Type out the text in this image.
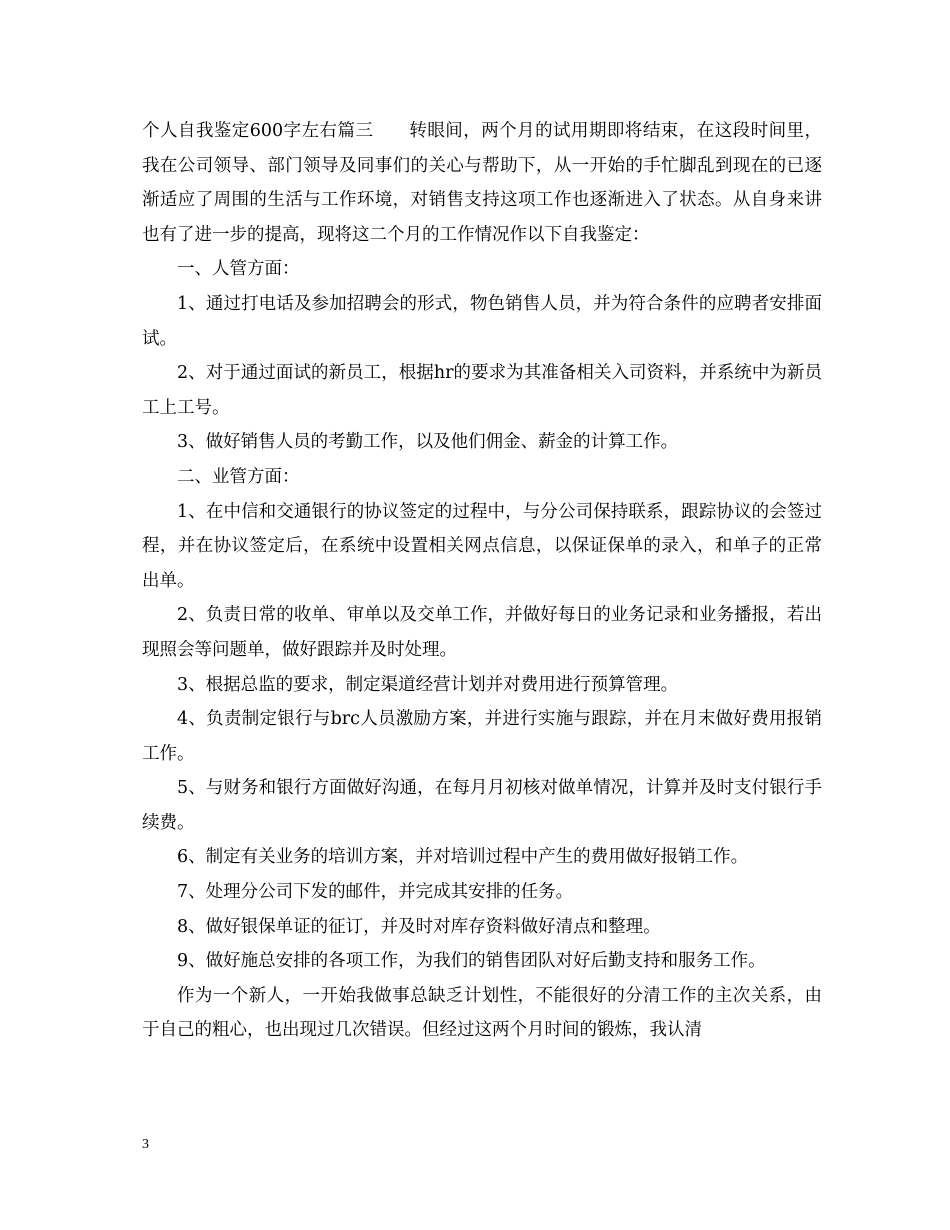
个人自我鉴定600字左右篇三　　转眼间，两个月的试用期即将结束，在这段时间里，我在公司领导、部门领导及同事们的关心与帮助下，从一开始的手忙脚乱到现在的已逐渐适应了周围的生活与工作环境，对销售支持这项工作也逐渐进入了状态。从自身来讲也有了进一步的提高，现将这二个月的工作情况作以下自我鉴定：

一、人管方面：

1、通过打电话及参加招聘会的形式，物色销售人员，并为符合条件的应聘者安排面试。

2、对于通过面试的新员工，根据hr的要求为其准备相关入司资料，并系统中为新员工上工号。

3、做好销售人员的考勤工作，以及他们佣金、薪金的计算工作。

二、业管方面：

1、在中信和交通银行的协议签定的过程中，与分公司保持联系，跟踪协议的会签过程，并在协议签定后，在系统中设置相关网点信息，以保证保单的录入，和单子的正常出单。

2、负责日常的收单、审单以及交单工作，并做好每日的业务记录和业务播报，若出现照会等问题单，做好跟踪并及时处理。

3、根据总监的要求，制定渠道经营计划并对费用进行预算管理。

4、负责制定银行与brc人员激励方案，并进行实施与跟踪，并在月末做好费用报销工作。

5、与财务和银行方面做好沟通，在每月月初核对做单情况，计算并及时支付银行手续费。

6、制定有关业务的培训方案，并对培训过程中产生的费用做好报销工作。

7、处理分公司下发的邮件，并完成其安排的任务。

8、做好银保单证的征订，并及时对库存资料做好清点和整理。

9、做好施总安排的各项工作，为我们的销售团队对好后勤支持和服务工作。

作为一个新人，一开始我做事总缺乏计划性，不能很好的分清工作的主次关系，由于自己的粗心，也出现过几次错误。但经过这两个月时间的锻炼，我认清

3
